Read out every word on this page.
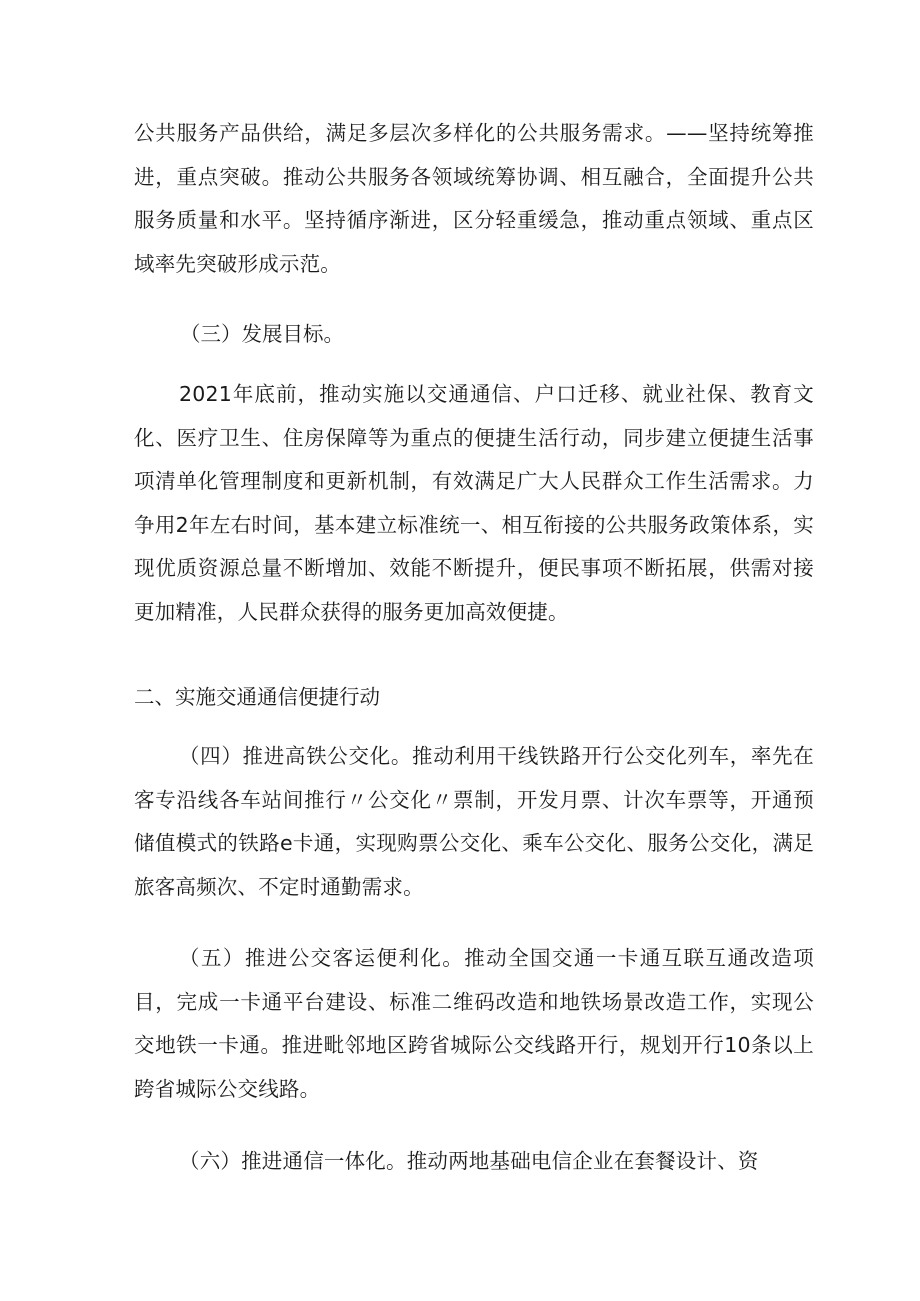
公共服务产品供给，满足多层次多样化的公共服务需求。——坚持统筹推进，重点突破。推动公共服务各领域统筹协调、相互融合，全面提升公共服务质量和水平。坚持循序渐进，区分轻重缓急，推动重点领域、重点区域率先突破形成示范。

（三）发展目标。

2021年底前，推动实施以交通通信、户口迁移、就业社保、教育文化、医疗卫生、住房保障等为重点的便捷生活行动，同步建立便捷生活事项清单化管理制度和更新机制，有效满足广大人民群众工作生活需求。力争用2年左右时间，基本建立标准统一、相互衔接的公共服务政策体系，实现优质资源总量不断增加、效能不断提升，便民事项不断拓展，供需对接更加精准，人民群众获得的服务更加高效便捷。

二、实施交通通信便捷行动

（四）推进高铁公交化。推动利用干线铁路开行公交化列车，率先在客专沿线各车站间推行〃公交化〃票制，开发月票、计次车票等，开通预储值模式的铁路e卡通，实现购票公交化、乘车公交化、服务公交化，满足旅客高频次、不定时通勤需求。

（五）推进公交客运便利化。推动全国交通一卡通互联互通改造项目，完成一卡通平台建设、标准二维码改造和地铁场景改造工作，实现公交地铁一卡通。推进毗邻地区跨省城际公交线路开行，规划开行10条以上跨省城际公交线路。

（六）推进通信一体化。推动两地基础电信企业在套餐设计、资
